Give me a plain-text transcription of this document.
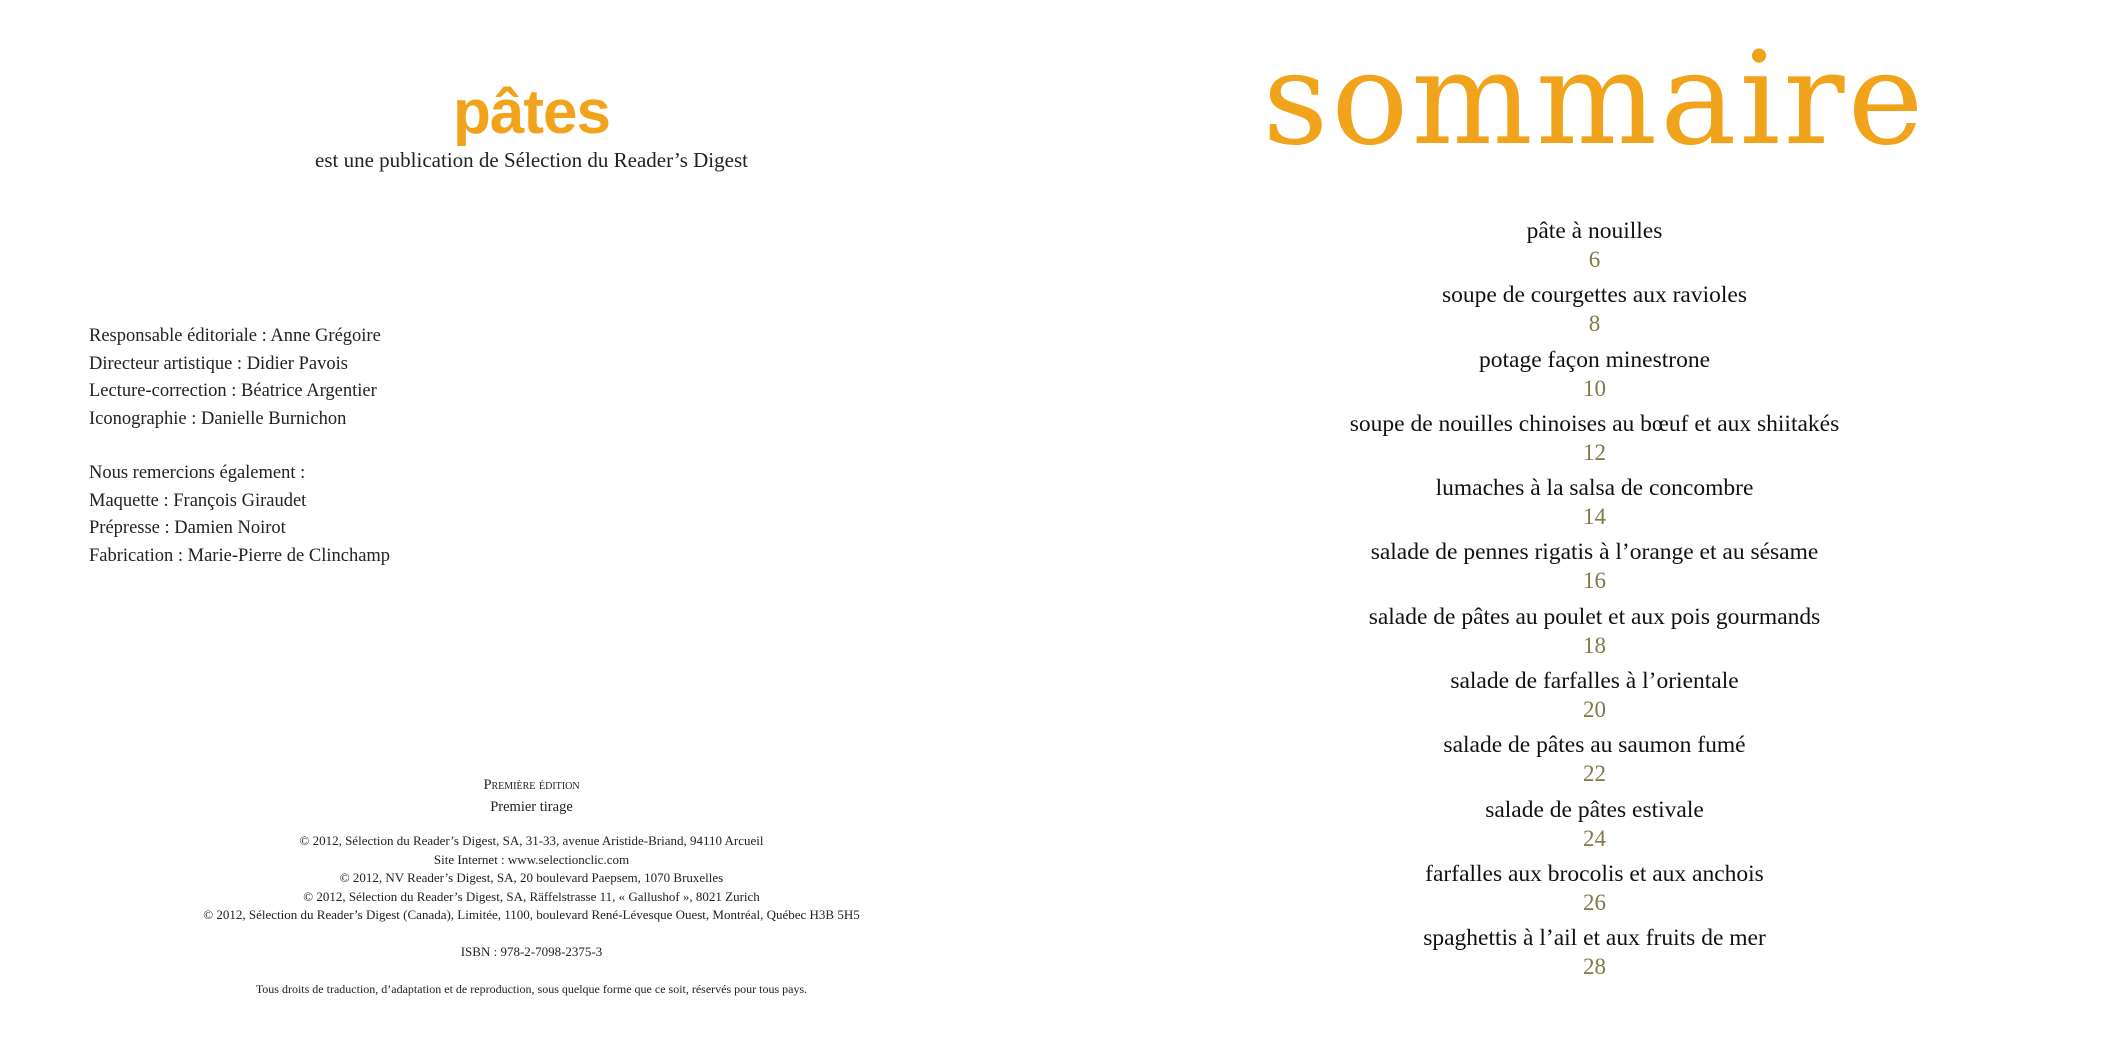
pâtes
est une publication de Sélection du Reader’s Digest
Responsable éditoriale : Anne Grégoire
Directeur artistique : Didier Pavois
Lecture-correction : Béatrice Argentier
Iconographie : Danielle Burnichon
Nous remercions également :
Maquette : François Giraudet
Prépresse : Damien Noirot
Fabrication : Marie-Pierre de Clinchamp
Première édition
Premier tirage
© 2012, Sélection du Reader’s Digest, SA, 31-33, avenue Aristide-Briand, 94110 Arcueil
Site Internet : www.selectionclic.com
© 2012, NV Reader’s Digest, SA, 20 boulevard Paepsem, 1070 Bruxelles
© 2012, Sélection du Reader’s Digest, SA, Räffelstrasse 11, « Gallushof », 8021 Zurich
© 2012, Sélection du Reader’s Digest (Canada), Limitée, 1100, boulevard René-Lévesque Ouest, Montréal, Québec H3B 5H5
ISBN : 978-2-7098-2375-3
Tous droits de traduction, d’adaptation et de reproduction, sous quelque forme que ce soit, réservés pour tous pays.
sommaire
pâte à nouilles
6
soupe de courgettes aux ravioles
8
potage façon minestrone
10
soupe de nouilles chinoises au bœuf et aux shiitakés
12
lumaches à la salsa de concombre
14
salade de pennes rigatis à l’orange et au sésame
16
salade de pâtes au poulet et aux pois gourmands
18
salade de farfalles à l’orientale
20
salade de pâtes au saumon fumé
22
salade de pâtes estivale
24
farfalles aux brocolis et aux anchois
26
spaghettis à l’ail et aux fruits de mer
28
